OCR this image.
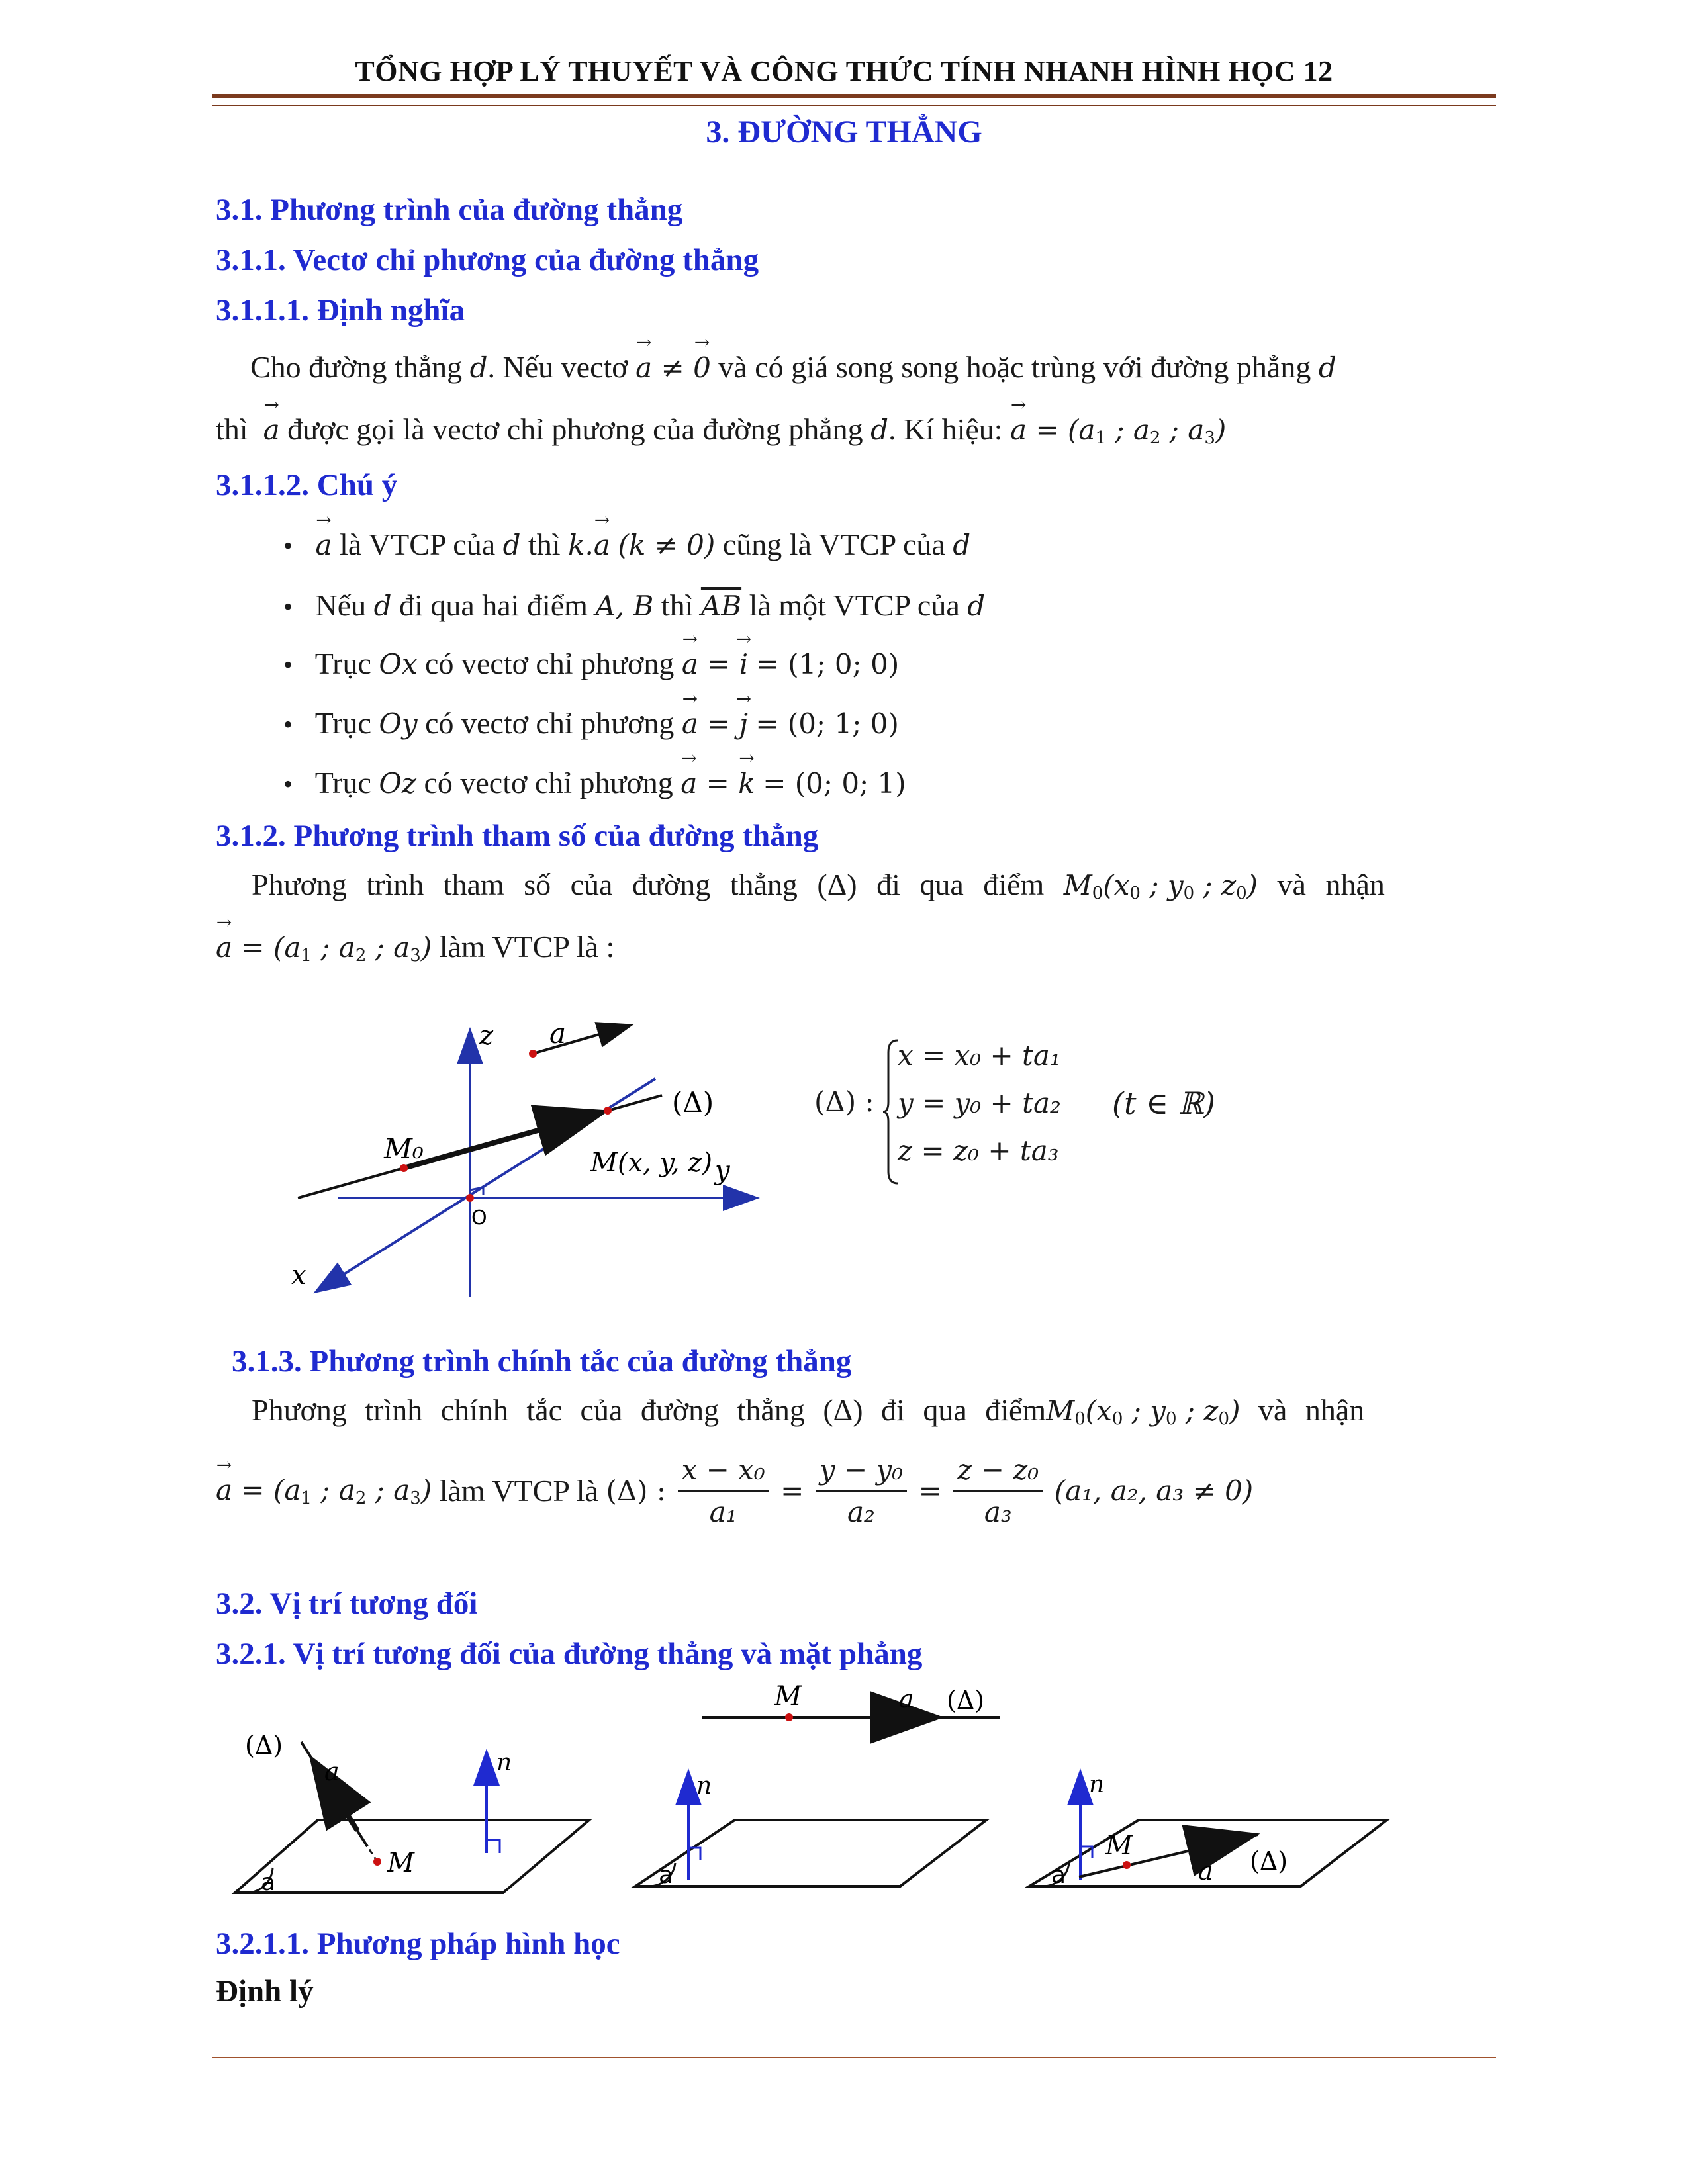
TỔNG HỢP LÝ THUYẾT VÀ CÔNG THỨC TÍNH NHANH HÌNH HỌC 12
3. ĐƯỜNG THẲNG
3.1. Phương trình của đường thẳng
3.1.1. Vectơ chỉ phương của đường thẳng
3.1.1.1. Định nghĩa
Cho đường thẳng d. Nếu vectơ → a ≠ → 0 và có giá song song hoặc trùng với đường phẳng d
thì → a được gọi là vectơ chỉ phương của đường phẳng d. Kí hiệu: → $a = (a_1$ ; $a_2$ ; $a_3$)
3.1.1.2. Chú ý
• → a là VTCP của d thì k.→ a (k ≠ 0) cũng là VTCP của d
• Nếu d đi qua hai điểm A, B thì $\overline{AB}$ là một VTCP của d
• Trục Ox có vectơ chỉ phương → a = → i = (1; 0; 0)
• Trục Oy có vectơ chỉ phương → a = → j = (0; 1; 0)
• Trục Oz có vectơ chỉ phương → a = → k = (0; 0; 1)
3.1.2. Phương trình tham số của đường thẳng
Phương trình tham số của đường thẳng (Δ) đi qua điểm $M_0(x_0$ ; $y_0$ ; $z_0$) và nhận
→ $a = (a_1$ ; $a_2$ ; $a_3$) làm VTCP là :
z
y
x
O
a
(Δ)
M₀	M(x, y, z)
(Δ) :
x = x₀ + ta₁
y = y₀ + ta₂
z = z₀ + ta₃
(t ∈ ℝ)
3.1.3. Phương trình chính tắc của đường thẳng
Phương trình chính tắc của đường thẳng (Δ) đi qua $điểmM_0(x_0$ ; $y_0$ ; $z_0$) và nhận
→ $a = (a_1$ ; $a_2$ ; $a_3$) làm VTCP là (Δ) : $\frac{\text{x − x₀}}{\text{a₁}} = \frac{\text{y − y₀}}{\text{a₂}} = \frac{\text{z − z₀}}{\text{a₃}} (a_1$, a₂, a₃ ≠ 0)
3.2. Vị trí tương đối
3.2.1. Vị trí tương đối của đường thẳng và mặt phẳng
a
(Δ)
a
M
n
M	a (Δ)
a
n
a
n
M
a (Δ)
3.2.1.1. Phương pháp hình học
Định lý
